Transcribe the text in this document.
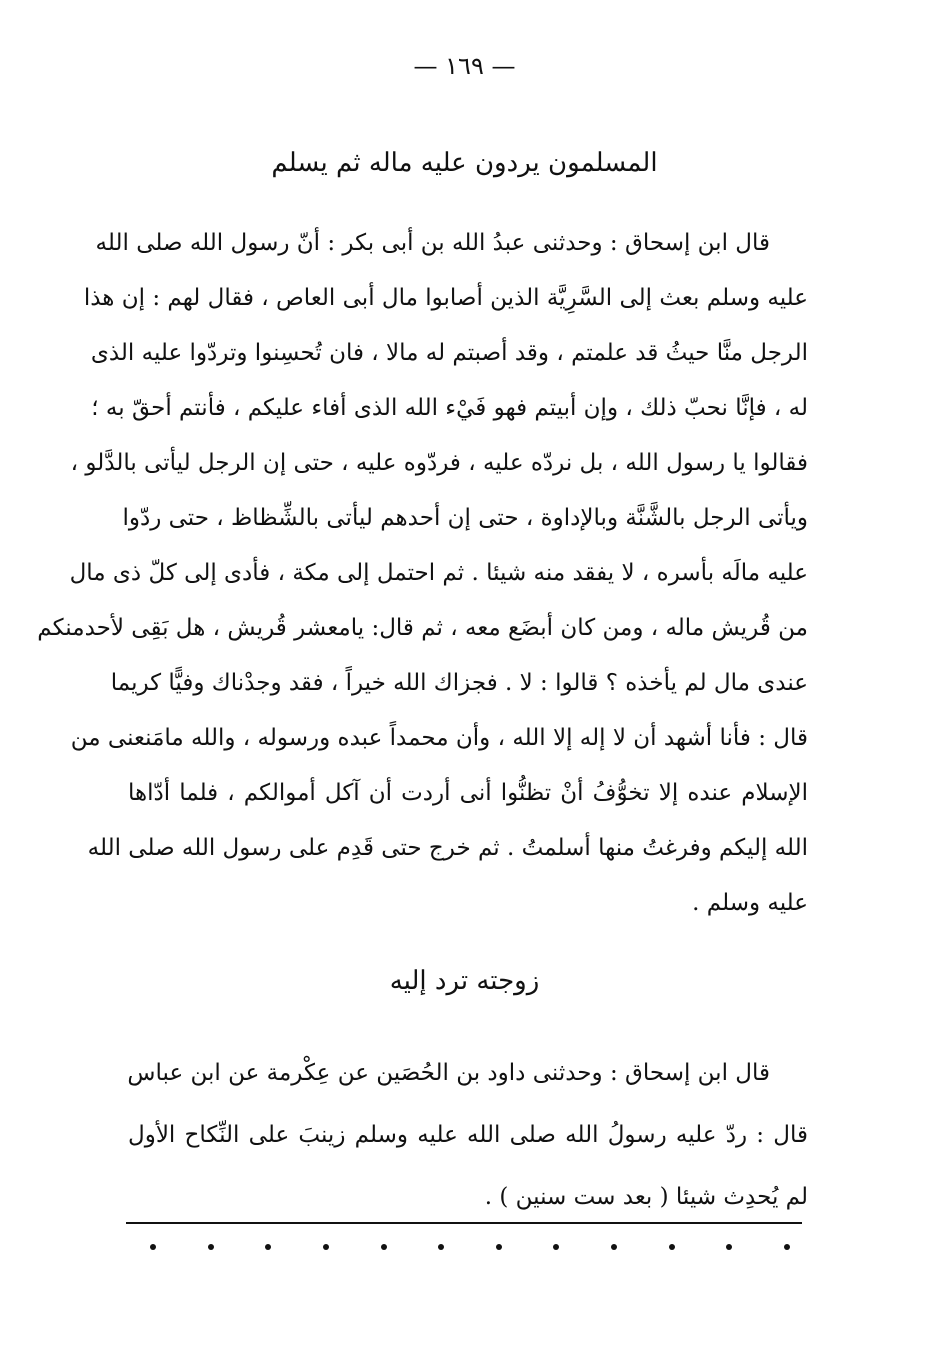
— ١٦٩ —
المسلمون يردون عليه ماله ثم يسلم
قال ابن إسحاق : وحدثنى عبدُ الله بن أبى بكر : أنّ رسول الله صلى الله
عليه وسلم بعث إلى السَّرِيَّة الذين أصابوا مال أبى العاص ، فقال لهم : إن هذا
الرجل منَّا حيثُ قد علمتم ، وقد أصبتم له مالا ، فان تُحسِنوا وتردّوا عليه الذى
له ، فإنَّا نحبّ ذلك ، وإن أبيتم فهو فَيْء الله الذى أفاء عليكم ، فأنتم أحقّ به ؛
فقالوا يا رسول الله ، بل نردّه عليه ، فردّوه عليه ، حتى إن الرجل ليأتى بالدَّلو ،
ويأتى الرجل بالشَّنَّة وبالإداوة ، حتى إن أحدهم ليأتى بالشِّظاظ ، حتى ردّوا
عليه مالَه بأسره ، لا يفقد منه شيئا . ثم احتمل إلى مكة ، فأدى إلى كلّ ذى مال
من قُريش ماله ، ومن كان أبضَع معه ، ثم قال: يامعشر قُريش ، هل بَقِى لأحدمنكم
عندى مال لم يأخذه ؟ قالوا : لا . فجزاك الله خيراً ، فقد وجدْناك وفيًّا كريما
قال : فأنا أشهد أن لا إله إلا الله ، وأن محمداً عبده ورسوله ، والله مامَنعنى من
الإسلام عنده إلا تخوُّفُ أنْ تظنُّوا أنى أردت أن آكل أموالكم ، فلما أدّاها
الله إليكم وفرغتُ منها أسلمتُ . ثم خرج حتى قَدِم على رسول الله صلى الله
عليه وسلم .
زوجته ترد إليه
قال ابن إسحاق : وحدثنى داود بن الحُصَين عن عِكْرمة عن ابن عباس
قال : ردّ عليه رسولُ الله صلى الله عليه وسلم زينبَ على النِّكاح الأول
لم يُحدِث شيئا ( بعد ست سنين ) .
